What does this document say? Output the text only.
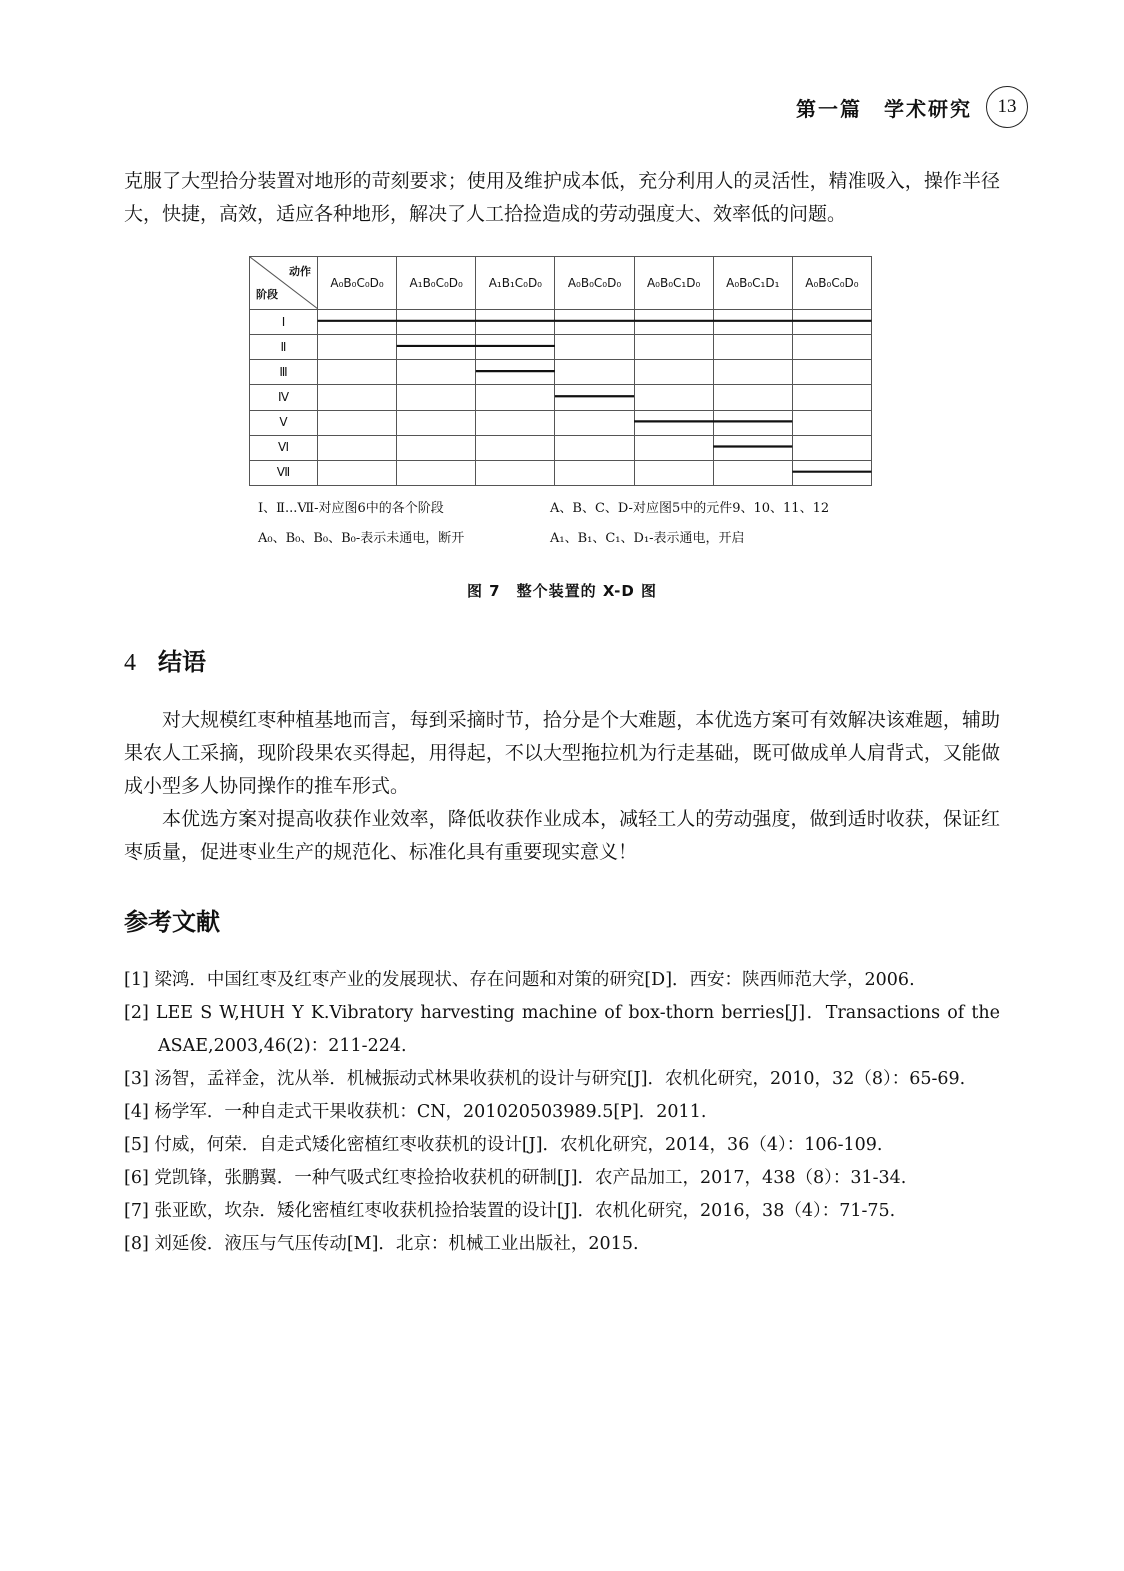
第一篇　学术研究	13
克服了大型拾分装置对地形的苛刻要求；使用及维护成本低，充分利用人的灵活性，精准吸入，操作半径大，快捷，高效，适应各种地形，解决了人工拾捡造成的劳动强度大、效率低的问题。
动作
阶段	A₀B₀C₀D₀	A₁B₀C₀D₀	A₁B₁C₀D₀	A₀B₀C₀D₀	A₀B₀C₁D₀	A₀B₀C₁D₁	A₀B₀C₀D₀
Ⅰ							
Ⅱ							
Ⅲ							
Ⅳ							
Ⅴ							
Ⅵ							
Ⅶ							
Ⅰ、Ⅱ...Ⅶ-对应图6中的各个阶段	A、B、C、D-对应图5中的元件9、10、11、12
A₀、B₀、B₀、B₀-表示未通电，断开	A₁、B₁、C₁、D₁-表示通电，开启
图 7　整个装置的 X-D 图
4 结语
对大规模红枣种植基地而言，每到采摘时节，拾分是个大难题，本优选方案可有效解决该难题，辅助果农人工采摘，现阶段果农买得起，用得起，不以大型拖拉机为行走基础，既可做成单人肩背式，又能做成小型多人协同操作的推车形式。
本优选方案对提高收获作业效率，降低收获作业成本，减轻工人的劳动强度，做到适时收获，保证红枣质量，促进枣业生产的规范化、标准化具有重要现实意义！
参考文献
[1] 梁鸿．中国红枣及红枣产业的发展现状、存在问题和对策的研究[D]．西安：陕西师范大学，2006.
[2] LEE S W,HUH Y K.Vibratory harvesting machine of box-thorn berries[J]．Transactions of the ASAE,2003,46(2)：211-224.
[3] 汤智，孟祥金，沈从举．机械振动式林果收获机的设计与研究[J]．农机化研究，2010，32（8）：65-69.
[4] 杨学军．一种自走式干果收获机：CN，201020503989.5[P]．2011.
[5] 付威，何荣．自走式矮化密植红枣收获机的设计[J]．农机化研究，2014，36（4）：106-109.
[6] 党凯锋，张鹏翼．一种气吸式红枣捡拾收获机的研制[J]．农产品加工，2017，438（8）：31-34.
[7] 张亚欧，坎杂．矮化密植红枣收获机捡拾装置的设计[J]．农机化研究，2016，38（4）：71-75.
[8] 刘延俊．液压与气压传动[M]．北京：机械工业出版社，2015.
